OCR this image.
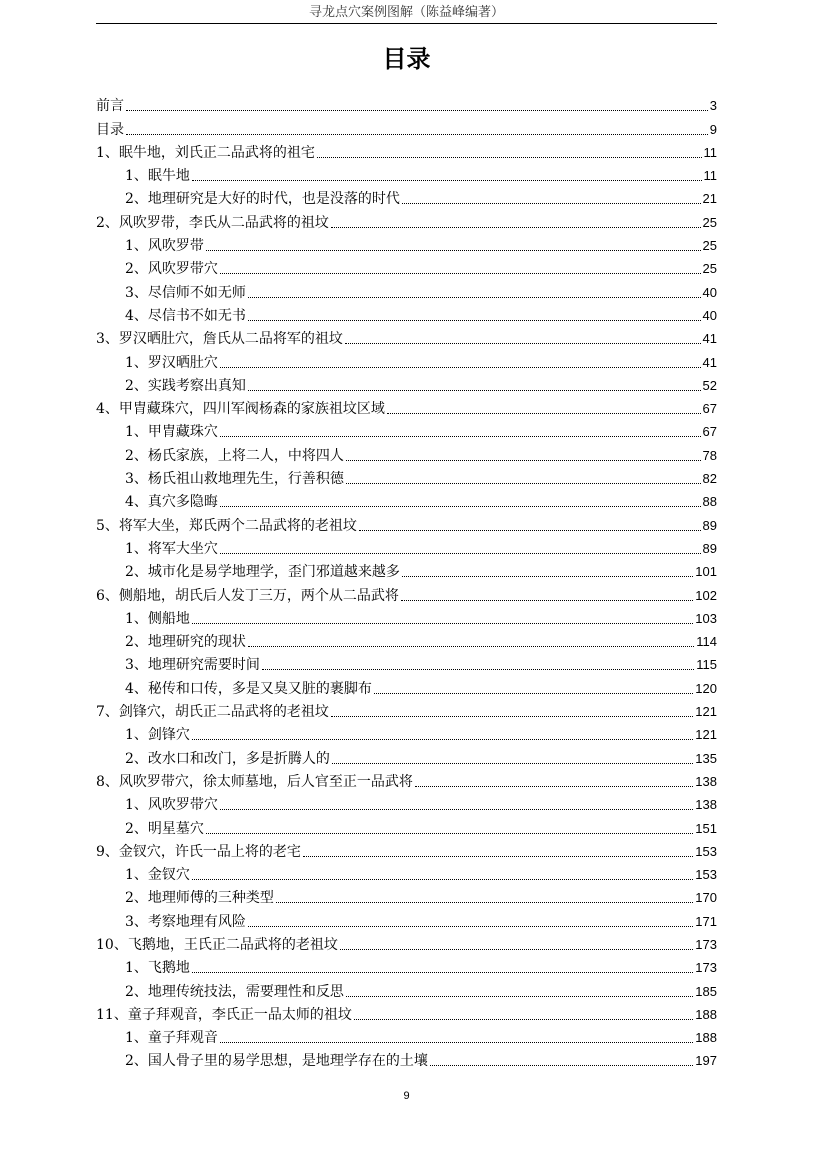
寻龙点穴案例图解（陈益峰编著）
目录
前言	3
目录	9
1、眠牛地，刘氏正二品武将的祖宅	11
1、眠牛地	11
2、地理研究是大好的时代，也是没落的时代	21
2、风吹罗带，李氏从二品武将的祖坟	25
1、风吹罗带	25
2、风吹罗带穴	25
3、尽信师不如无师	40
4、尽信书不如无书	40
3、罗汉晒肚穴，詹氏从二品将军的祖坟	41
1、罗汉晒肚穴	41
2、实践考察出真知	52
4、甲胄藏珠穴，四川军阀杨森的家族祖坟区域	67
1、甲胄藏珠穴	67
2、杨氏家族，上将二人，中将四人	78
3、杨氏祖山救地理先生，行善积德	82
4、真穴多隐晦	88
5、将军大坐，郑氏两个二品武将的老祖坟	89
1、将军大坐穴	89
2、城市化是易学地理学，歪门邪道越来越多	101
6、侧船地，胡氏后人发丁三万，两个从二品武将	102
1、侧船地	103
2、地理研究的现状	114
3、地理研究需要时间	115
4、秘传和口传，多是又臭又脏的裹脚布	120
7、剑锋穴，胡氏正二品武将的老祖坟	121
1、剑锋穴	121
2、改水口和改门，多是折腾人的	135
8、风吹罗带穴，徐太师墓地，后人官至正一品武将	138
1、风吹罗带穴	138
2、明星墓穴	151
9、金钗穴，许氏一品上将的老宅	153
1、金钗穴	153
2、地理师傅的三种类型	170
3、考察地理有风险	171
10、飞鹅地，王氏正二品武将的老祖坟	173
1、飞鹅地	173
2、地理传统技法，需要理性和反思	185
11、童子拜观音，李氏正一品太师的祖坟	188
1、童子拜观音	188
2、国人骨子里的易学思想，是地理学存在的土壤	197
9
